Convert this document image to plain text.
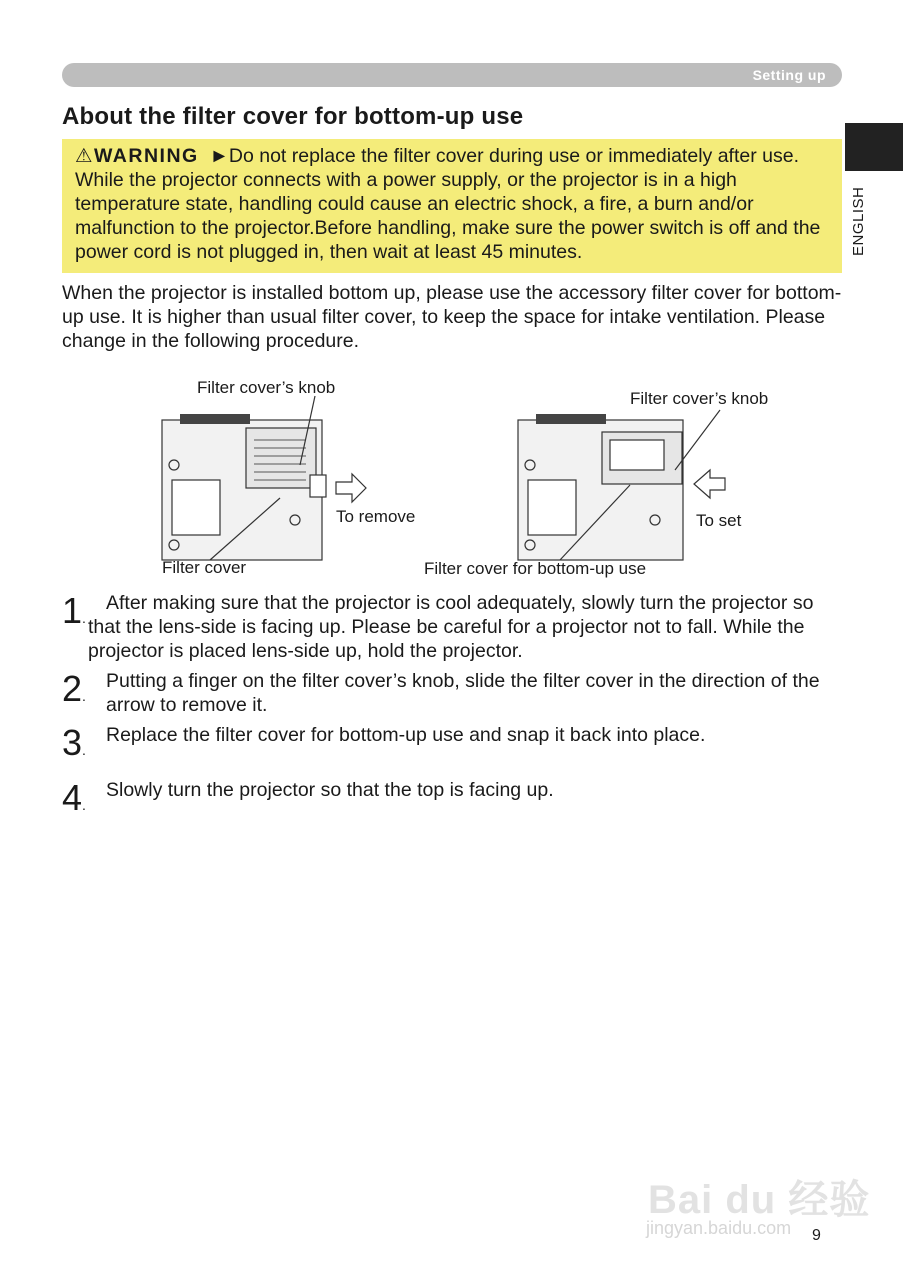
Setting up
ENGLISH
About the filter cover for bottom-up use
⚠WARNING ►Do not replace the filter cover during use or immediately after use. While the projector connects with a power supply, or the projector is in a high temperature state, handling could cause an electric shock, a fire, a burn and/or malfunction to the projector.Before handling, make sure the power switch is off and the power cord is not plugged in, then wait at least 45 minutes.

When the projector is installed bottom up, please use the accessory filter cover for bottom-up use. It is higher than usual filter cover, to keep the space for intake ventilation. Please change in the following procedure.

Filter cover’s knob
To remove
Filter cover
Filter cover’s knob
To set
Filter cover for bottom-up use
1.

After making sure that the projector is cool adequately, slowly turn the projector so that the lens-side is facing up. Please be careful for a projector not to fall. While the projector is placed lens-side up, hold the projector.

2.

Putting a finger on the filter cover’s knob, slide the filter cover in the direction of the arrow to remove it.

3.

Replace the filter cover for bottom-up use and snap it back into place.

4.

Slowly turn the projector so that the top is facing up.

Bai du 经验
jingyan.baidu.com 9
